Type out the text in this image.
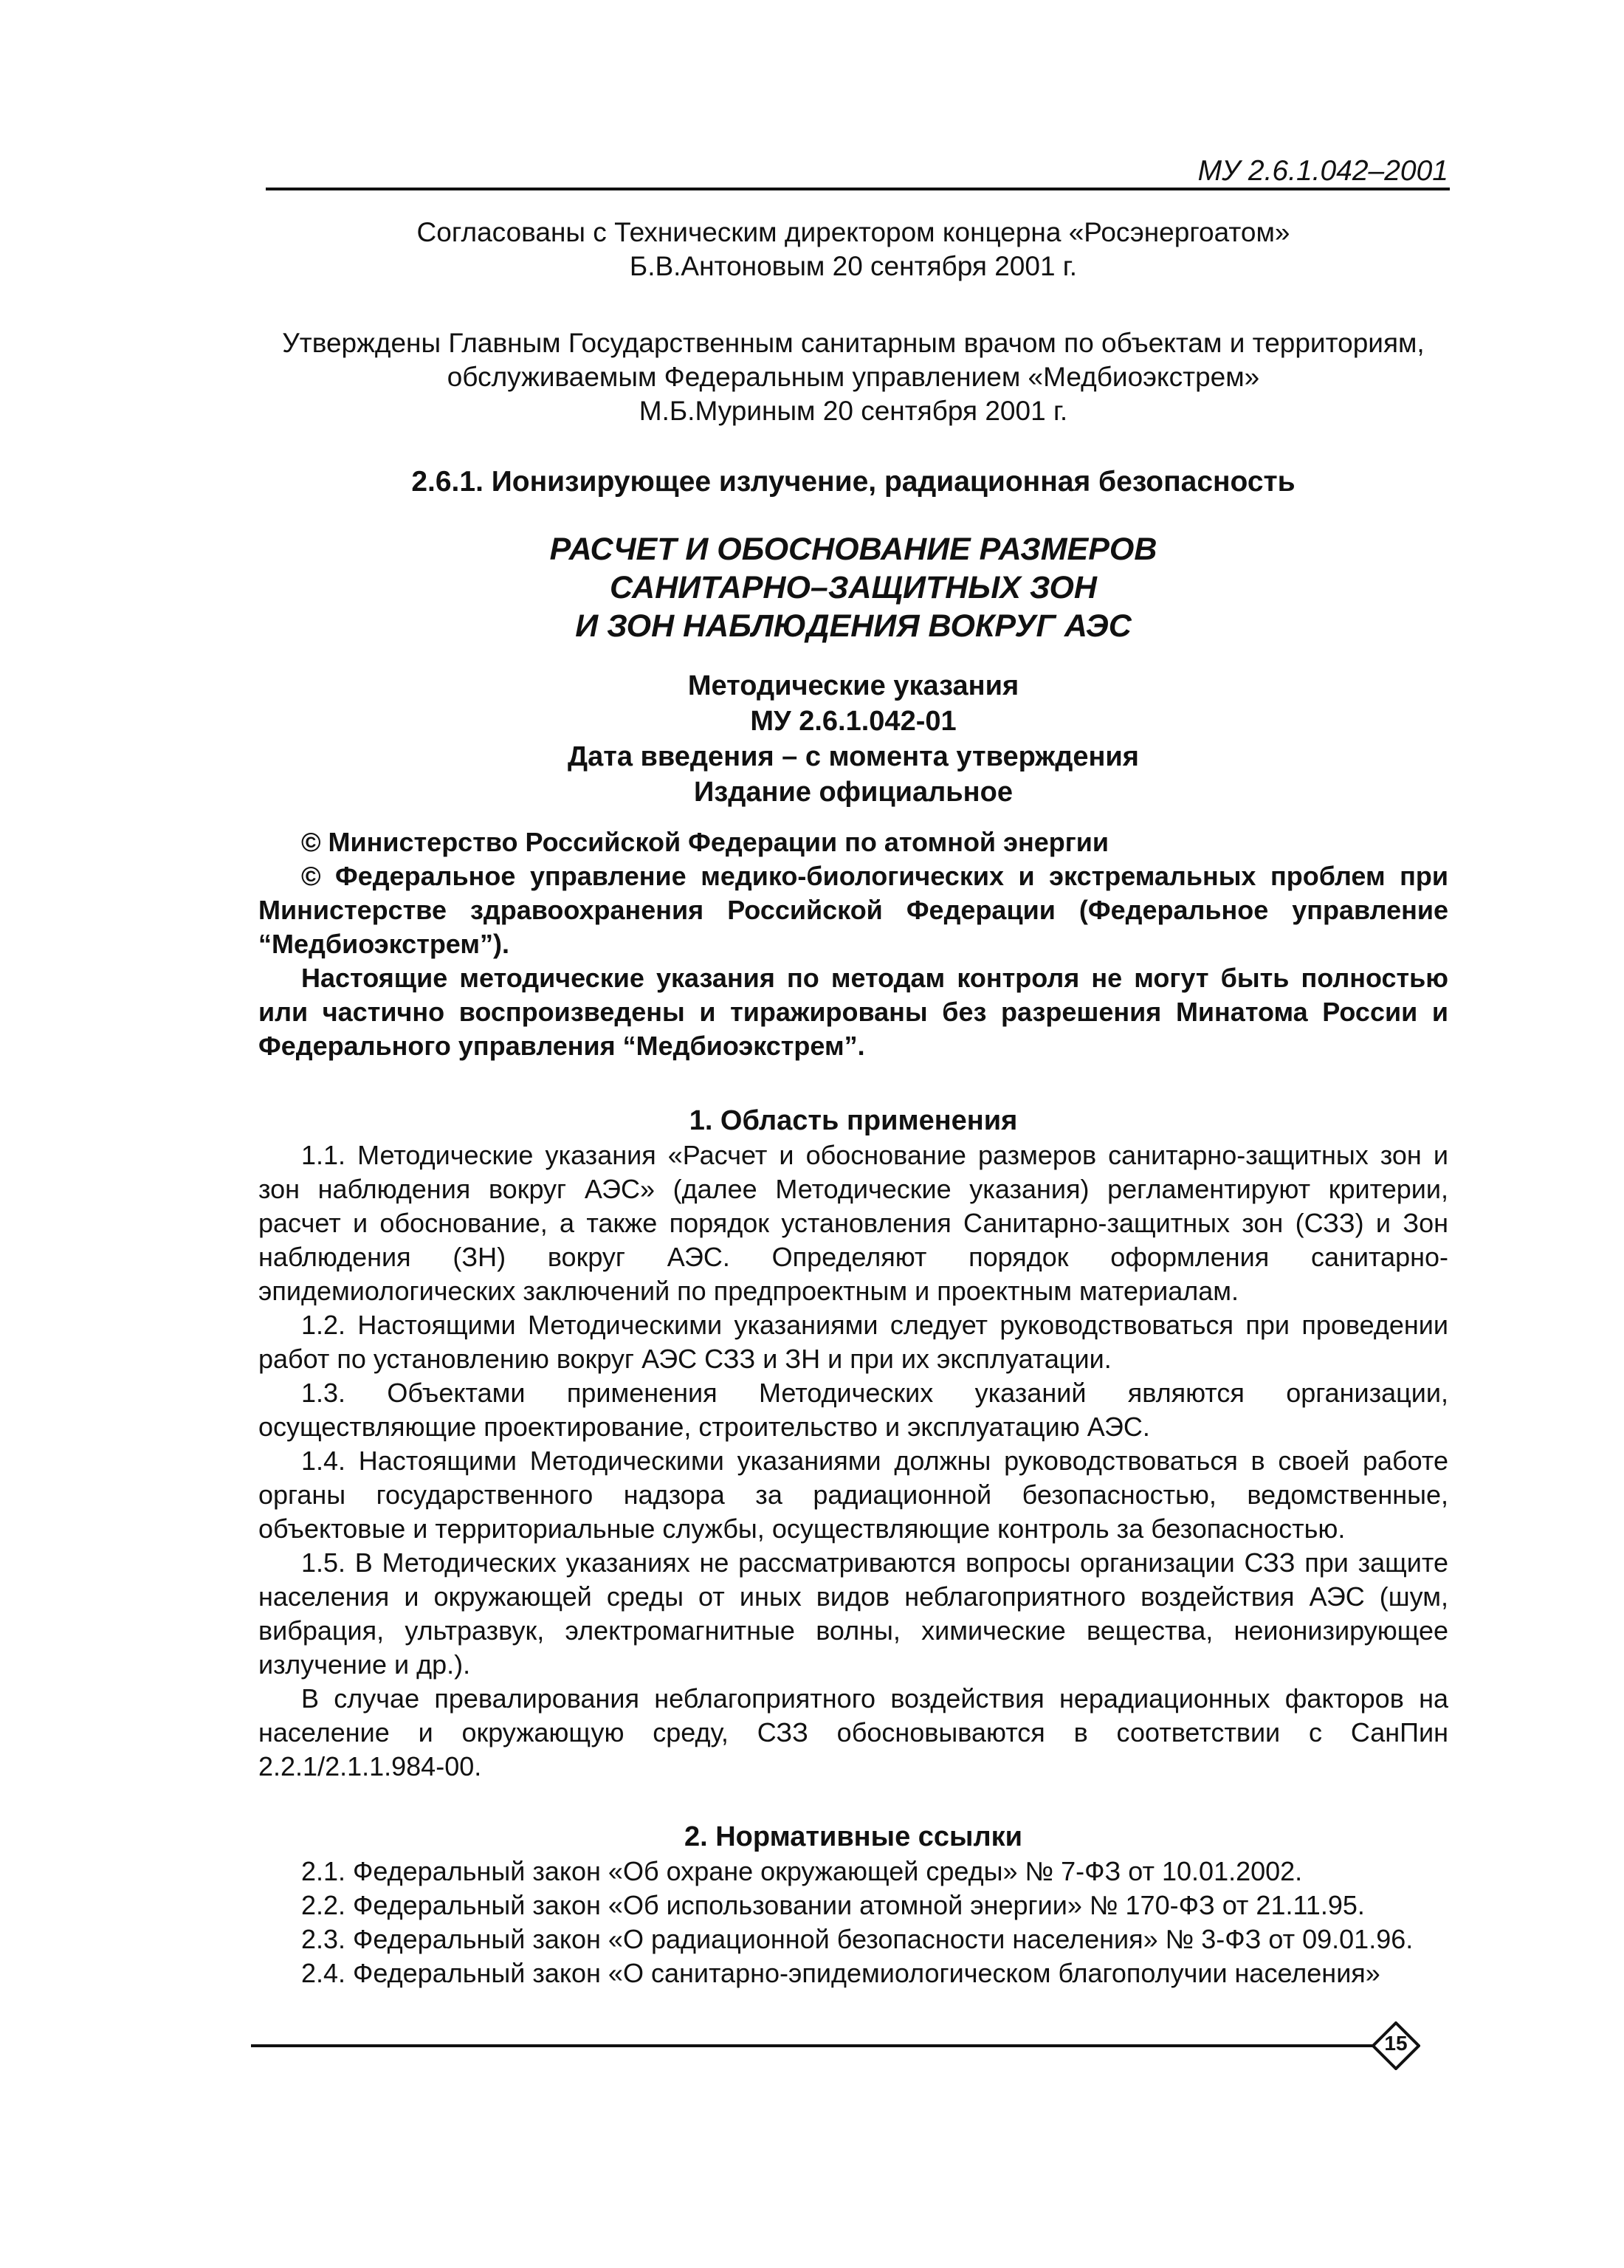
МУ 2.6.1.042–2001

Согласованы с Техническим директором концерна «Росэнергоатом»

Б.В.Антоновым 20 сентября 2001 г.

Утверждены Главным Государственным санитарным врачом по объектам и территориям,

обслуживаемым Федеральным управлением «Медбиоэкстрем»

М.Б.Муриным 20 сентября 2001 г.

2.6.1. Ионизирующее излучение, радиационная безопасность

РАСЧЕТ И ОБОСНОВАНИЕ РАЗМЕРОВ

САНИТАРНО–ЗАЩИТНЫХ ЗОН

И ЗОН НАБЛЮДЕНИЯ ВОКРУГ АЭС

Методические указания

МУ 2.6.1.042-01

Дата введения – с момента утверждения

Издание официальное

© Министерство Российской Федерации по атомной энергии

© Федеральное управление медико-биологических и экстремальных проблем при Министерстве здравоохранения Российской Федерации (Федеральное управление “Медбиоэкстрем”).

Настоящие методические указания по методам контроля не могут быть полностью или частично воспроизведены и тиражированы без разрешения Минатома России и Федерального управления “Медбиоэкстрем”.

1. Область применения

1.1. Методические указания «Расчет и обоснование размеров санитарно-защитных зон и зон наблюдения вокруг АЭС» (далее Методические указания) регламентируют критерии, расчет и обоснование, а также порядок установления Санитарно-защитных зон (СЗЗ) и Зон наблюдения (ЗН) вокруг АЭС. Определяют порядок оформления санитарно-эпидемиологических заключений по предпроектным и проектным материалам.

1.2. Настоящими Методическими указаниями следует руководствоваться при проведении работ по установлению вокруг АЭС СЗЗ и ЗН и при их эксплуатации.

1.3. Объектами применения Методических указаний являются организации, осуществляющие проектирование, строительство и эксплуатацию АЭС.

1.4. Настоящими Методическими указаниями должны руководствоваться в своей работе органы государственного надзора за радиационной безопасностью, ведомственные, объектовые и территориальные службы, осуществляющие контроль за безопасностью.

1.5. В Методических указаниях не рассматриваются вопросы организации СЗЗ при защите населения и окружающей среды от иных видов неблагоприятного воздействия АЭС (шум, вибрация, ультразвук, электромагнитные волны, химические вещества, неионизирующее излучение и др.).

В случае превалирования неблагоприятного воздействия нерадиационных факторов на население и окружающую среду, СЗЗ обосновываются в соответствии с СанПин 2.2.1/2.1.1.984-00.

2. Нормативные ссылки

2.1. Федеральный закон «Об охране окружающей среды» № 7-ФЗ от 10.01.2002.

2.2. Федеральный закон «Об использовании атомной энергии» № 170-ФЗ от 21.11.95.

2.3. Федеральный закон «О радиационной безопасности населения» № 3-ФЗ от 09.01.96.

2.4. Федеральный закон «О санитарно-эпидемиологическом благополучии населения»

15
